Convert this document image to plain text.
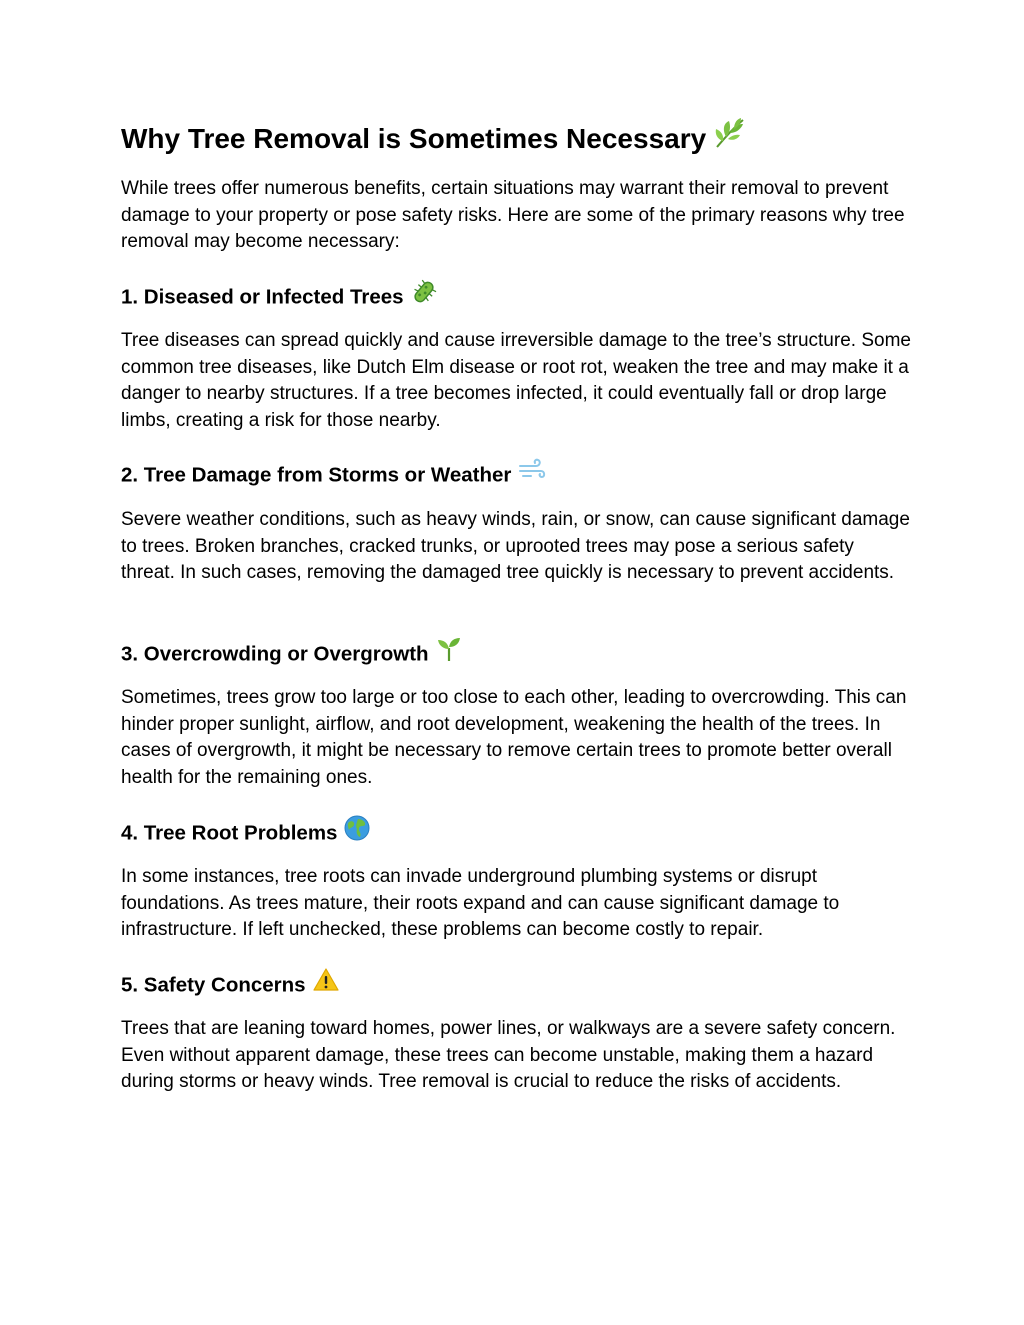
Why Tree Removal is Sometimes Necessary

While trees offer numerous benefits, certain situations may warrant their removal to prevent damage to your property or pose safety risks. Here are some of the primary reasons why tree removal may become necessary:

1. Diseased or Infected Trees

Tree diseases can spread quickly and cause irreversible damage to the tree’s structure. Some common tree diseases, like Dutch Elm disease or root rot, weaken the tree and may make it a danger to nearby structures. If a tree becomes infected, it could eventually fall or drop large limbs, creating a risk for those nearby.

2. Tree Damage from Storms or Weather

Severe weather conditions, such as heavy winds, rain, or snow, can cause significant damage to trees. Broken branches, cracked trunks, or uprooted trees may pose a serious safety threat. In such cases, removing the damaged tree quickly is necessary to prevent accidents.

3. Overcrowding or Overgrowth

Sometimes, trees grow too large or too close to each other, leading to overcrowding. This can hinder proper sunlight, airflow, and root development, weakening the health of the trees. In cases of overgrowth, it might be necessary to remove certain trees to promote better overall health for the remaining ones.

4. Tree Root Problems

In some instances, tree roots can invade underground plumbing systems or disrupt foundations. As trees mature, their roots expand and can cause significant damage to infrastructure. If left unchecked, these problems can become costly to repair.

5. Safety Concerns

Trees that are leaning toward homes, power lines, or walkways are a severe safety concern. Even without apparent damage, these trees can become unstable, making them a hazard during storms or heavy winds. Tree removal is crucial to reduce the risks of accidents.
